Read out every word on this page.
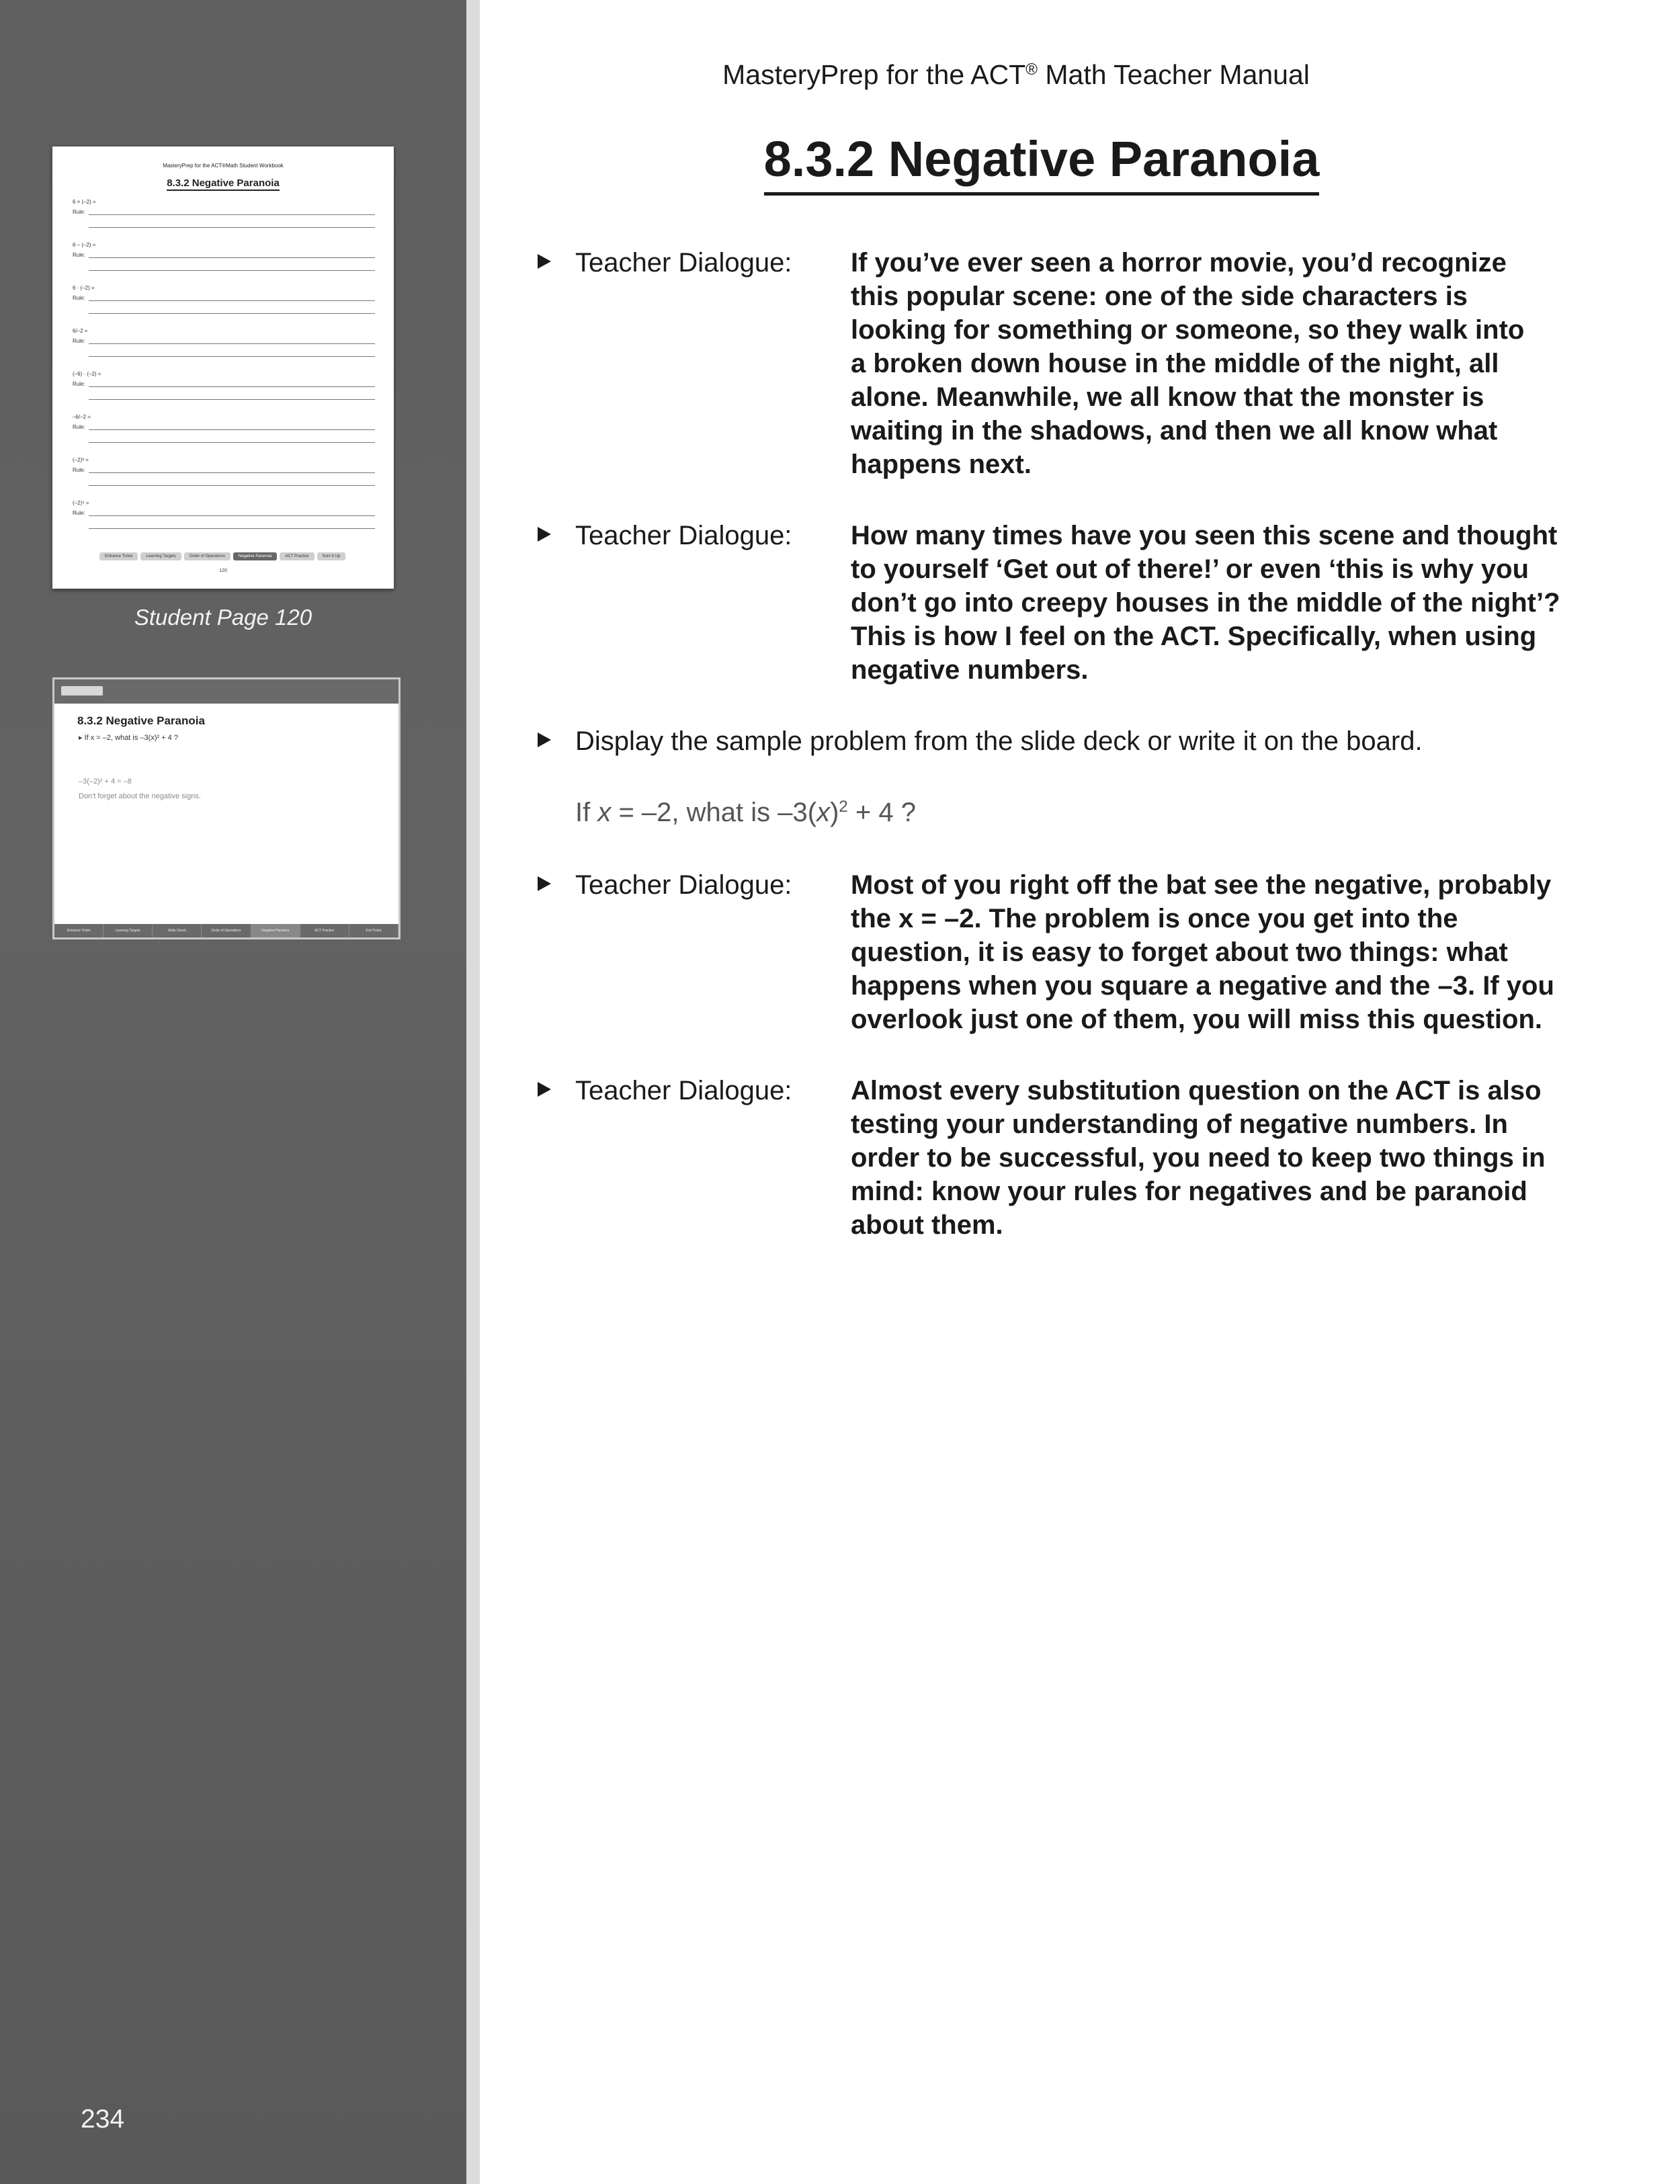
MasteryPrep for the ACT®Math Student Workbook
8.3.2 Negative Paranoia
6 × (–2) =
Rule:
6 – (–2) =
Rule:
6 · (–2) =
Rule:
6/–2 =
Rule:
(–6) · (–2) =
Rule:
–6/–2 =
Rule:
(–2)³ =
Rule:
(–2)⁴ =
Rule:
Entrance Ticket	Learning Targets	Order of Operations	Negative Paranoia	ACT Practice	Sum It Up
120
Student Page 120
8.3.2 Negative Paranoia
▸ If x = –2, what is –3(x)² + 4 ?
–3(–2)² + 4 = –8
Don't forget about the negative signs.
Entrance Ticket	Learning Targets	Skills Check	Order of Operations	Negative Paranoia	ACT Practice	Exit Ticket
234
MasteryPrep for the ACT® Math Teacher Manual
8.3.2 Negative Paranoia
Teacher Dialogue: If you’ve ever seen a horror movie, you’d recognize

this popular scene: one of the side characters is

looking for something or someone, so they walk into

a broken down house in the middle of the night, all

alone. Meanwhile, we all know that the monster is

waiting in the shadows, and then we all know what

happens next.

Teacher Dialogue: How many times have you seen this scene and thought

to yourself ‘Get out of there!’ or even ‘this is why you

don’t go into creepy houses in the middle of the night’?

This is how I feel on the ACT. Specifically, when using

negative numbers.

Display the sample problem from the slide deck or write it on the board.
If x = –2, what is $-3(x)^2 + 4$ ?
Teacher Dialogue: Most of you right off the bat see the negative, probably

the x = –2. The problem is once you get into the

question, it is easy to forget about two things: what

happens when you square a negative and the –3. If you

overlook just one of them, you will miss this question.

Teacher Dialogue: Almost every substitution question on the ACT is also

testing your understanding of negative numbers. In

order to be successful, you need to keep two things in

mind: know your rules for negatives and be paranoid

about them.
